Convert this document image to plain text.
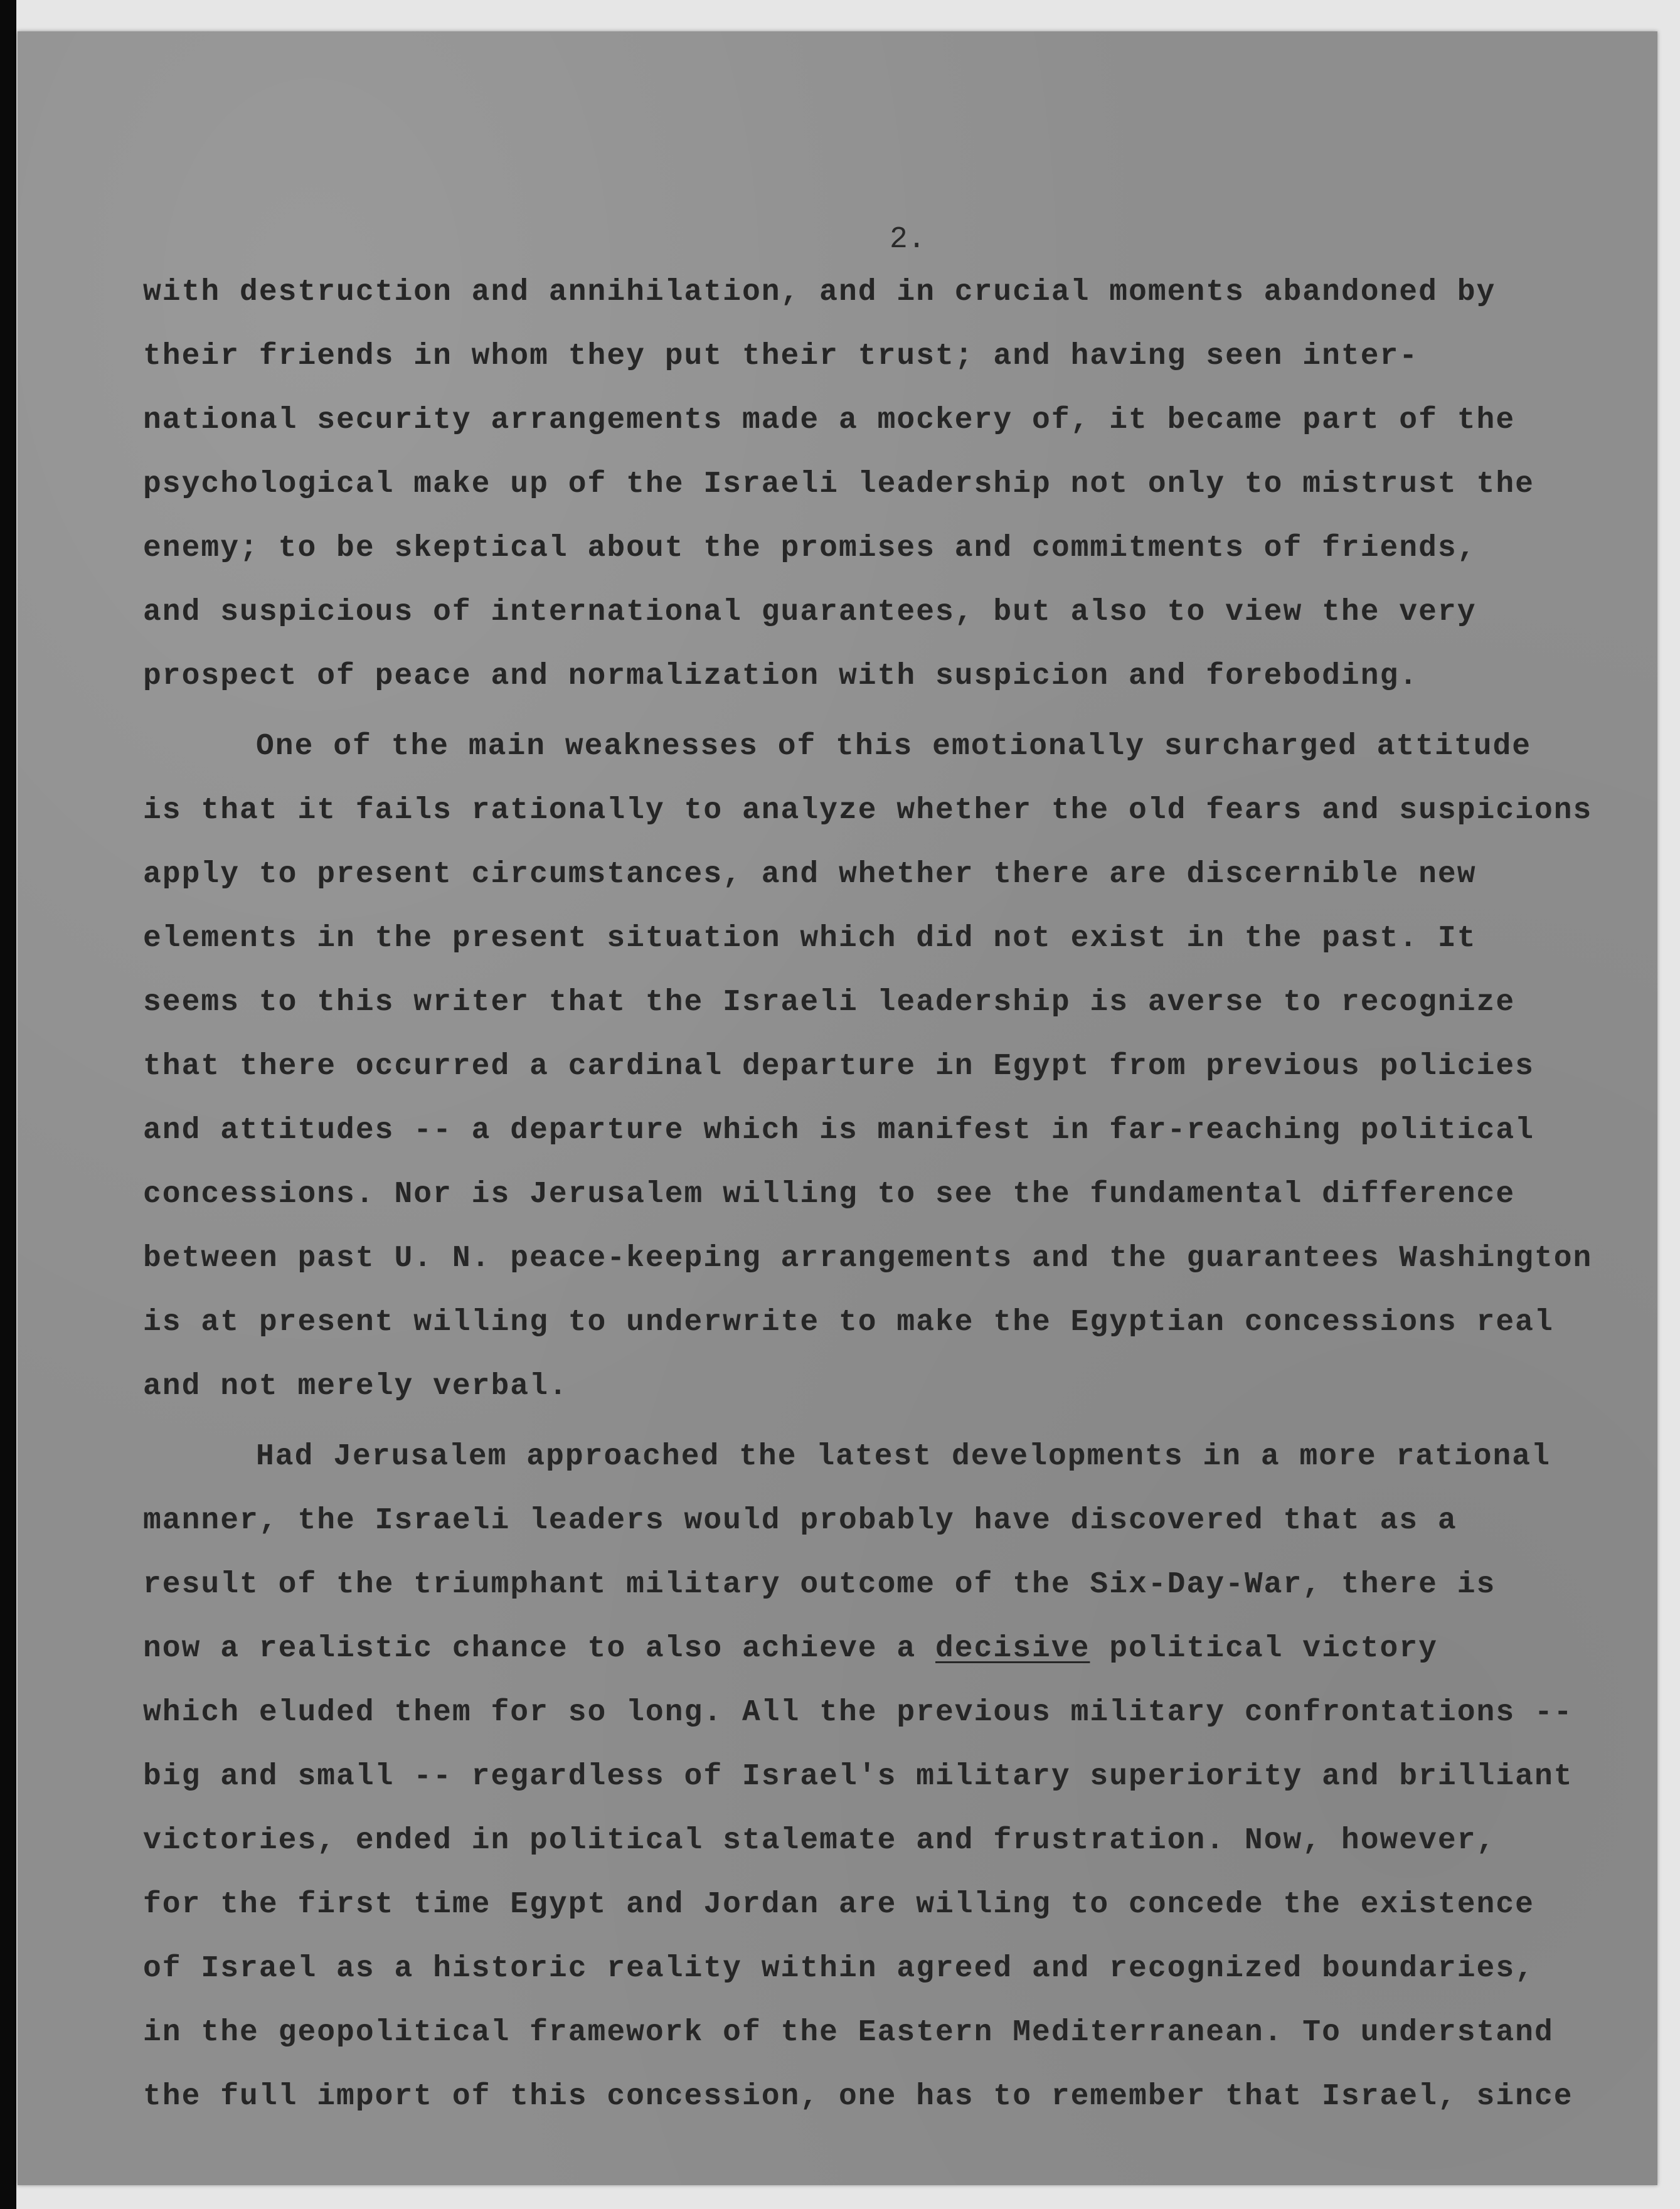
2.

with destruction and annihilation, and in crucial moments abandoned by
their friends in whom they put their trust; and having seen inter-
national security arrangements made a mockery of, it became part of the
psychological make up of the Israeli leadership not only to mistrust the
enemy; to be skeptical about the promises and commitments of friends,
and suspicious of international guarantees, but also to view the very
prospect of peace and normalization with suspicion and foreboding.
One of the main weaknesses of this emotionally surcharged attitude
is that it fails rationally to analyze whether the old fears and suspicions
apply to present circumstances, and whether there are discernible new
elements in the present situation which did not exist in the past. It
seems to this writer that the Israeli leadership is averse to recognize
that there occurred a cardinal departure in Egypt from previous policies
and attitudes -- a departure which is manifest in far-reaching political
concessions. Nor is Jerusalem willing to see the fundamental difference
between past U. N. peace-keeping arrangements and the guarantees Washington
is at present willing to underwrite to make the Egyptian concessions real
and not merely verbal.
Had Jerusalem approached the latest developments in a more rational
manner, the Israeli leaders would probably have discovered that as a
result of the triumphant military outcome of the Six-Day-War, there is
now a realistic chance to also achieve a decisive political victory
which eluded them for so long. All the previous military confrontations --
big and small -- regardless of Israel's military superiority and brilliant
victories, ended in political stalemate and frustration. Now, however,
for the first time Egypt and Jordan are willing to concede the existence
of Israel as a historic reality within agreed and recognized boundaries,
in the geopolitical framework of the Eastern Mediterranean. To understand
the full import of this concession, one has to remember that Israel, since
